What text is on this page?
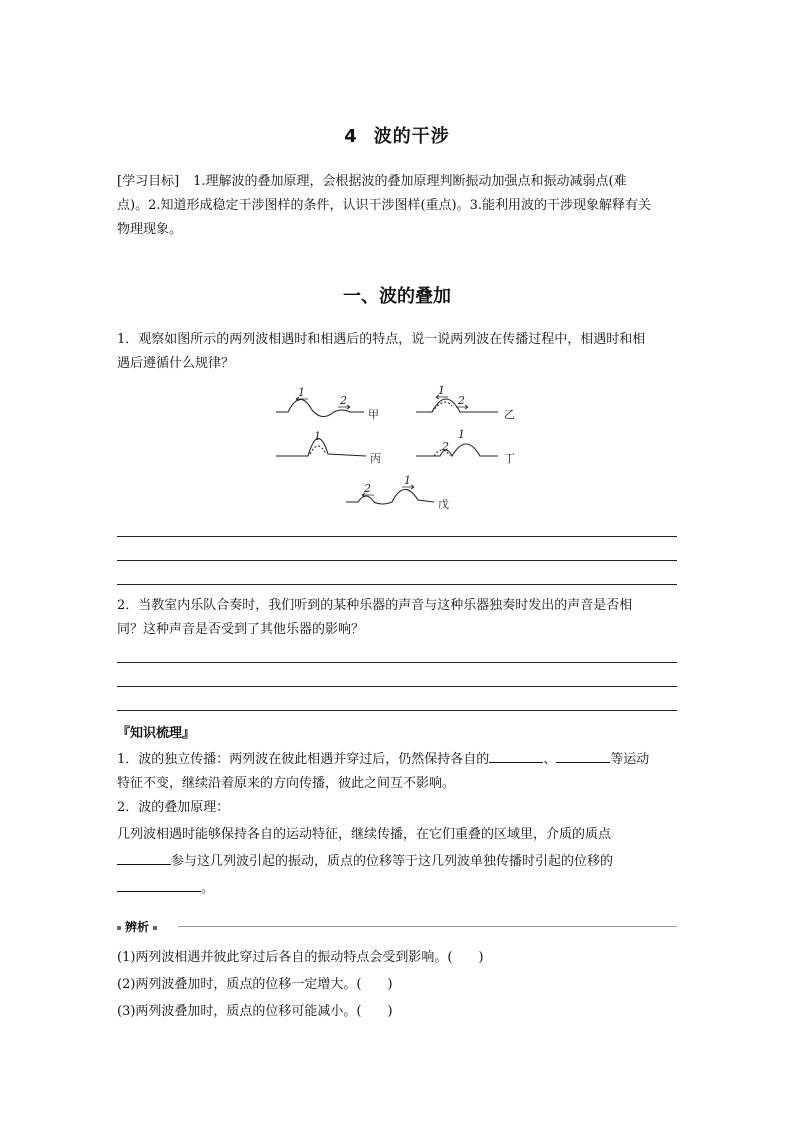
4 波的干涉
[学习目标] 1.理解波的叠加原理，会根据波的叠加原理判断振动加强点和振动减弱点(难
点)。2.知道形成稳定干涉图样的条件，认识干涉图样(重点)。3.能利用波的干涉现象解释有关
物理现象。
一、波的叠加
1．观察如图所示的两列波相遇时和相遇后的特点，说一说两列波在传播过程中，相遇时和相
遇后遵循什么规律？
1
2
1
2
1
2
1
2
1
甲	乙
丙	丁
戊
2．当教室内乐队合奏时，我们听到的某种乐器的声音与这种乐器独奏时发出的声音是否相
同？这种声音是否受到了其他乐器的影响？
『知识梳理』
1．波的独立传播：两列波在彼此相遇并穿过后，仍然保持各自的	、	等运动
特征不变，继续沿着原来的方向传播，彼此之间互不影响。
2．波的叠加原理：
几列波相遇时能够保持各自的运动特征，继续传播，在它们重叠的区域里，介质的质点
参与这几列波引起的振动，质点的位移等于这几列波单独传播时引起的位移的
。
辨析
(1)两列波相遇并彼此穿过后各自的振动特点会受到影响。(　　)
(2)两列波叠加时，质点的位移一定增大。(　　)
(3)两列波叠加时，质点的位移可能减小。(　　)
